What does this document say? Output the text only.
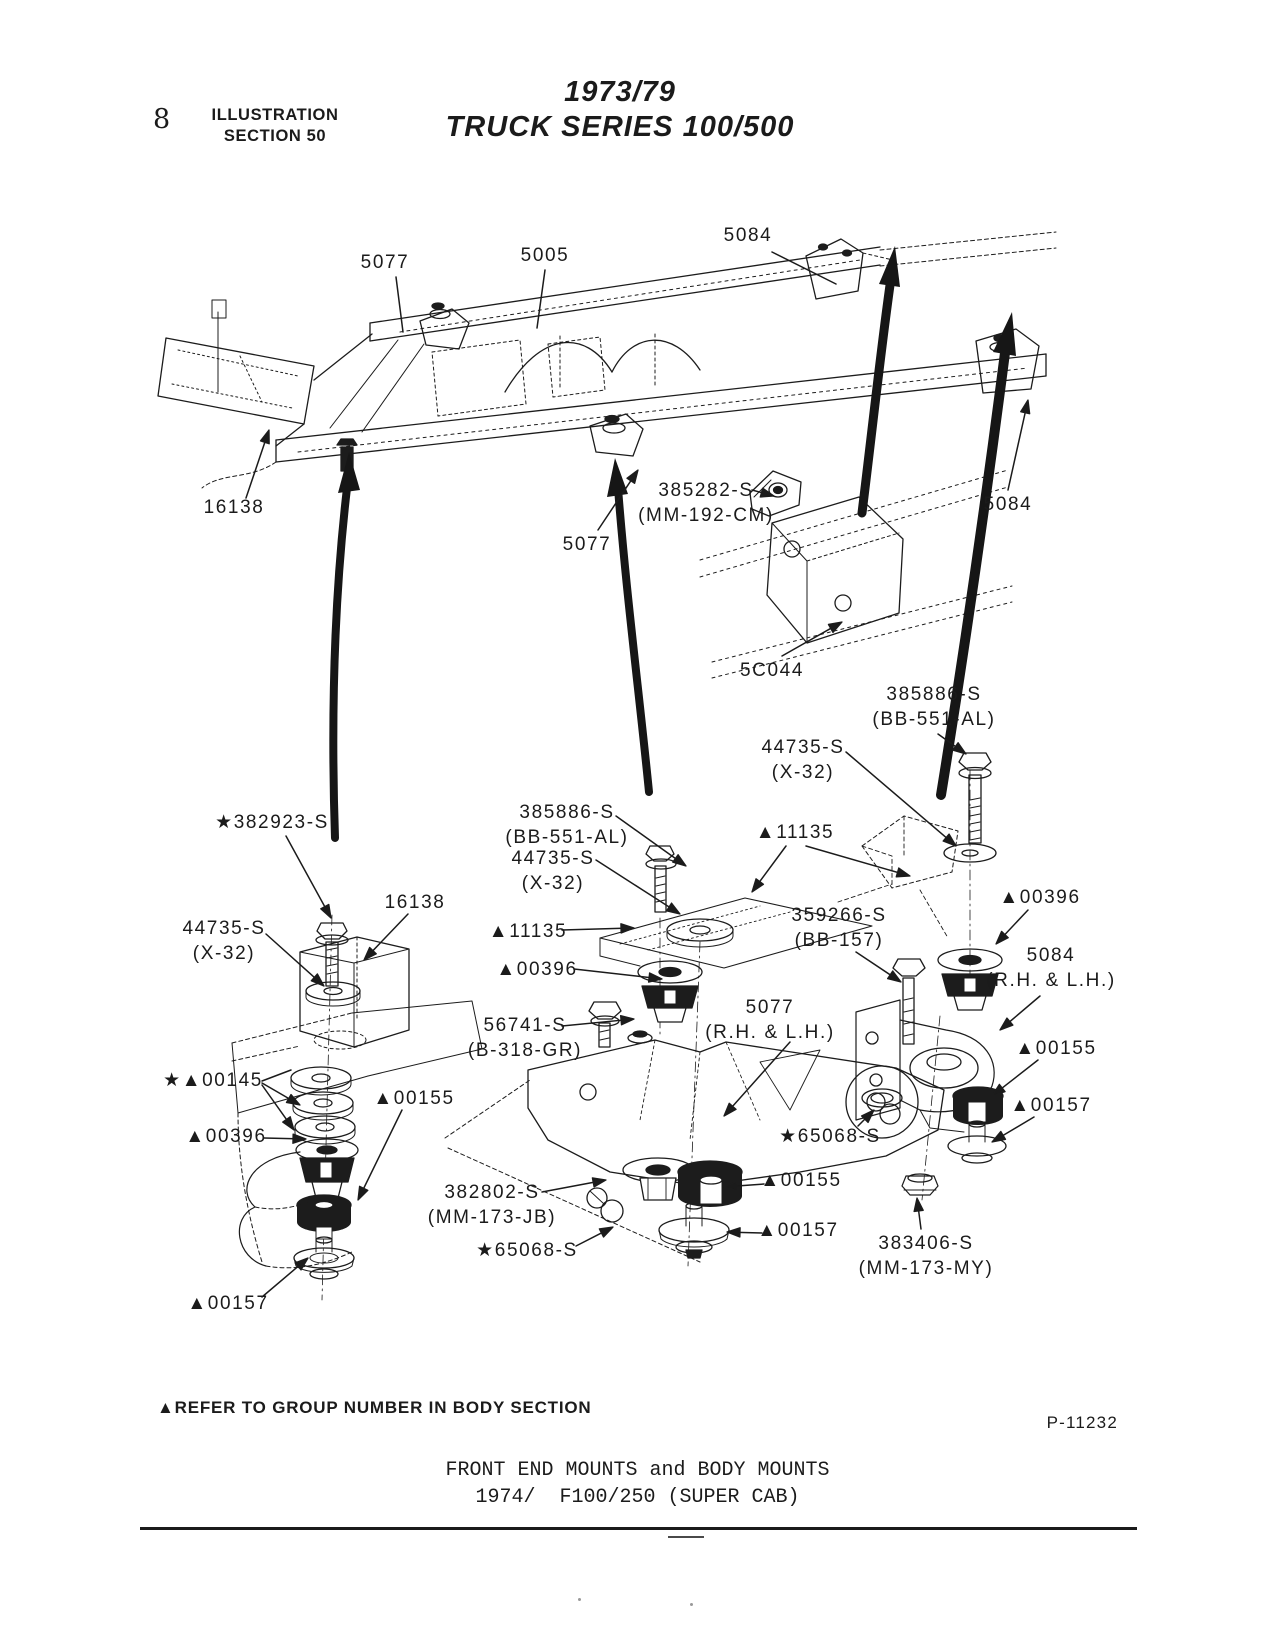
8	ILLUSTRATION
SECTION 50
1973/79
TRUCK SERIES 100/500
5077	5005
5084
16138
385282-S
(MM-192-CM)
5077
5084
5C044
385886-S
(BB-551-AL)
44735-S
(X-32)
▲11135
★382923-S
16138
44735-S
(X-32)
★▲00145
▲00155
▲00396
▲00157
385886-S
(BB-551-AL)
44735-S
(X-32)
▲11135
▲00396
56741-S
(B-318-GR)
5077
(R.H. & L.H.)
382802-S
(MM-173-JB)
★65068-S
▲00155
▲00157
359266-S
(BB-157)
▲00396
5084
(R.H. & L.H.)
▲00155
▲00157
★65068-S
383406-S
(MM-173-MY)
▲REFER TO GROUP NUMBER IN BODY SECTION
P-11232
FRONT END MOUNTS and BODY MOUNTS
1974/  F100/250 (SUPER CAB)
